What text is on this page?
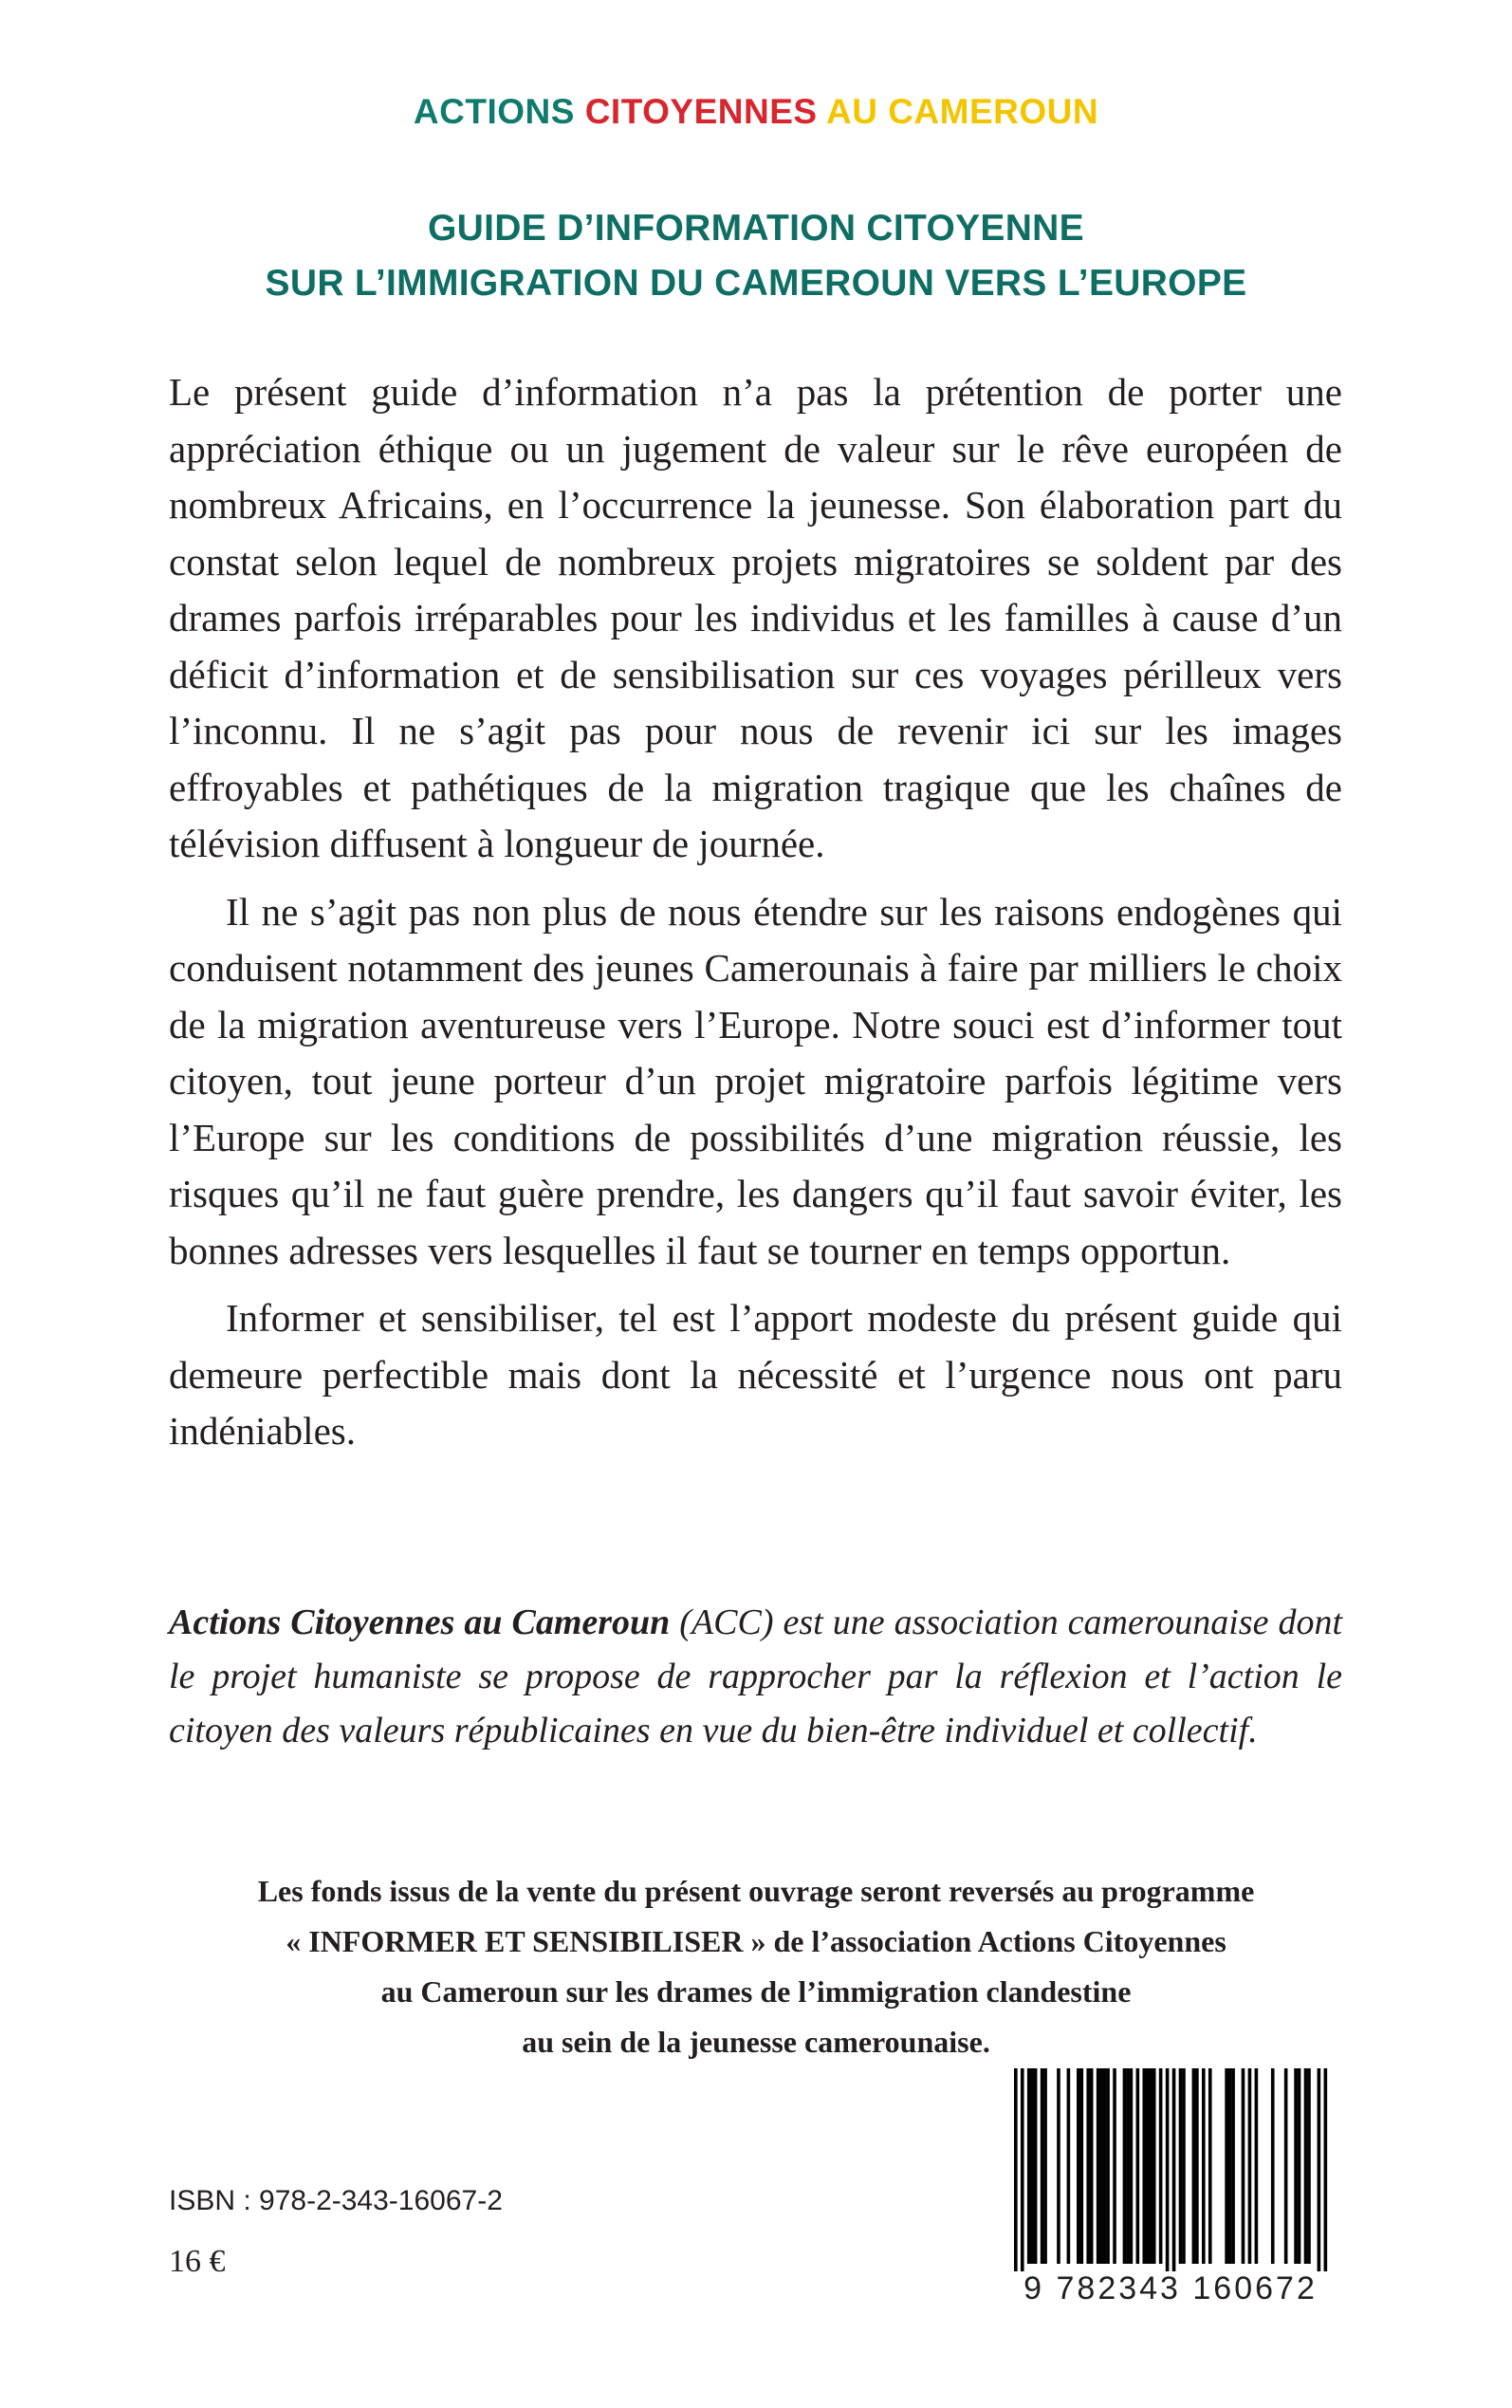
ACTIONS CITOYENNES AU CAMEROUN
GUIDE D’INFORMATION CITOYENNE
SUR L’IMMIGRATION DU CAMEROUN VERS L’EUROPE

Le présent guide d’information n’a pas la prétention de porter une appréciation éthique ou un jugement de valeur sur le rêve européen de nombreux Africains, en l’occurrence la jeunesse. Son élaboration part du constat selon lequel de nombreux projets migratoires se soldent par des drames parfois irréparables pour les individus et les familles à cause d’un déficit d’information et de sensibilisation sur ces voyages périlleux vers l’inconnu. Il ne s’agit pas pour nous de revenir ici sur les images effroyables et pathétiques de la migration tragique que les chaînes de télévision diffusent à longueur de journée.

Il ne s’agit pas non plus de nous étendre sur les raisons endogènes qui conduisent notamment des jeunes Camerounais à faire par milliers le choix de la migration aventureuse vers l’Europe. Notre souci est d’informer tout citoyen, tout jeune porteur d’un projet migratoire parfois légitime vers l’Europe sur les conditions de possibilités d’une migration réussie, les risques qu’il ne faut guère prendre, les dangers qu’il faut savoir éviter, les bonnes adresses vers lesquelles il faut se tourner en temps opportun.

Informer et sensibiliser, tel est l’apport modeste du présent guide qui demeure perfectible mais dont la nécessité et l’urgence nous ont paru indéniables.

Actions Citoyennes au Cameroun (ACC) est une association camerounaise dont le projet humaniste se propose de rapprocher par la réflexion et l’action le citoyen des valeurs républicaines en vue du bien-être individuel et collectif.

Les fonds issus de la vente du présent ouvrage seront reversés au programme
« INFORMER ET SENSIBILISER » de l’association Actions Citoyennes
au Cameroun sur les drames de l’immigration clandestine
au sein de la jeunesse camerounaise.
ISBN : 978-2-343-16067-2
16 €
9 782343 160672
